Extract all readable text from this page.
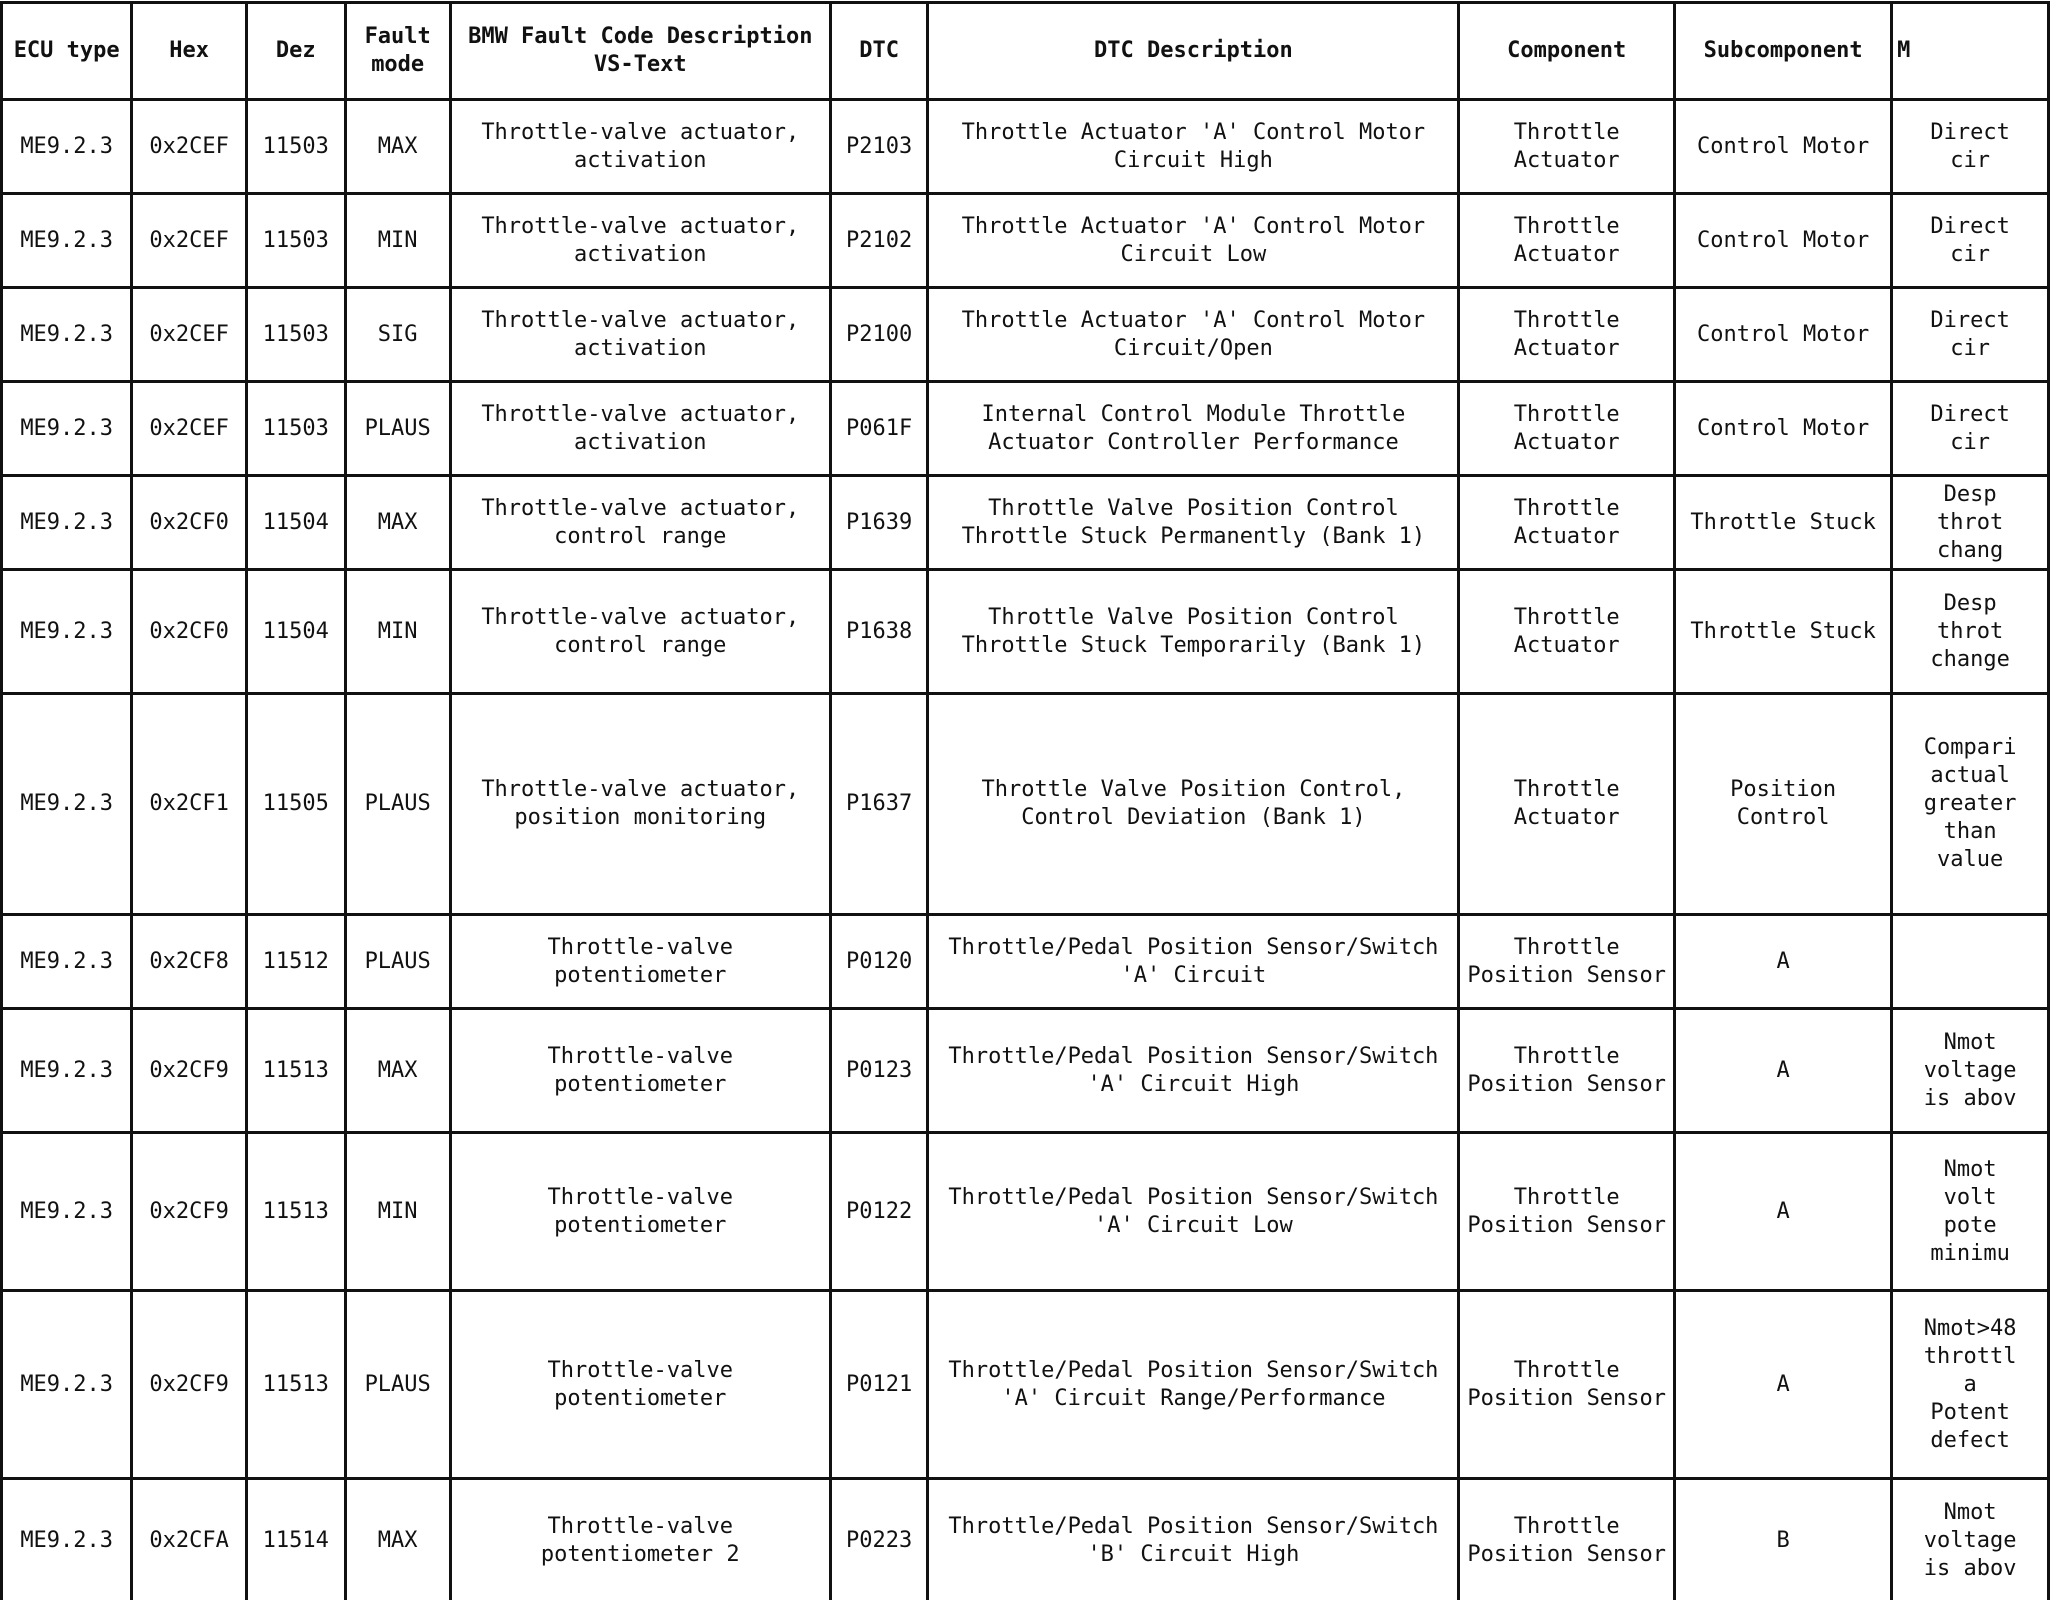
ECU type	Hex	Dez	Fault mode	BMW Fault Code Description VS-Text	DTC	DTC Description	Component	Subcomponent	M
ME9.2.3	0x2CEF	11503	MAX	Throttle-valve actuator, activation	P2103	Throttle Actuator 'A' Control Motor Circuit High	Throttle Actuator	Control Motor	Direct
cir
ME9.2.3	0x2CEF	11503	MIN	Throttle-valve actuator, activation	P2102	Throttle Actuator 'A' Control Motor Circuit Low	Throttle Actuator	Control Motor	Direct
cir
ME9.2.3	0x2CEF	11503	SIG	Throttle-valve actuator, activation	P2100	Throttle Actuator 'A' Control Motor Circuit/Open	Throttle Actuator	Control Motor	Direct
cir
ME9.2.3	0x2CEF	11503	PLAUS	Throttle-valve actuator, activation	P061F	Internal Control Module Throttle Actuator Controller Performance	Throttle Actuator	Control Motor	Direct
cir
ME9.2.3	0x2CF0	11504	MAX	Throttle-valve actuator, control range	P1639	Throttle Valve Position Control Throttle Stuck Permanently (Bank 1)	Throttle Actuator	Throttle Stuck	Desp
throt
chang
ME9.2.3	0x2CF0	11504	MIN	Throttle-valve actuator, control range	P1638	Throttle Valve Position Control Throttle Stuck Temporarily (Bank 1)	Throttle Actuator	Throttle Stuck	Desp
throt
change
ME9.2.3	0x2CF1	11505	PLAUS	Throttle-valve actuator, position monitoring	P1637	Throttle Valve Position Control, Control Deviation (Bank 1)	Throttle Actuator	Position Control	Compari
actual
greater
than
value
ME9.2.3	0x2CF8	11512	PLAUS	Throttle-valve potentiometer	P0120	Throttle/Pedal Position Sensor/Switch 'A' Circuit	Throttle Position Sensor	A	
ME9.2.3	0x2CF9	11513	MAX	Throttle-valve potentiometer	P0123	Throttle/Pedal Position Sensor/Switch 'A' Circuit High	Throttle Position Sensor	A	Nmot
voltage
is abov
ME9.2.3	0x2CF9	11513	MIN	Throttle-valve potentiometer	P0122	Throttle/Pedal Position Sensor/Switch 'A' Circuit Low	Throttle Position Sensor	A	Nmot
volt
pote
minimu
ME9.2.3	0x2CF9	11513	PLAUS	Throttle-valve potentiometer	P0121	Throttle/Pedal Position Sensor/Switch 'A' Circuit Range/Performance	Throttle Position Sensor	A	Nmot>48
throttl
a
Potent
defect
ME9.2.3	0x2CFA	11514	MAX	Throttle-valve potentiometer 2	P0223	Throttle/Pedal Position Sensor/Switch 'B' Circuit High	Throttle Position Sensor	B	Nmot
voltage
is abov
